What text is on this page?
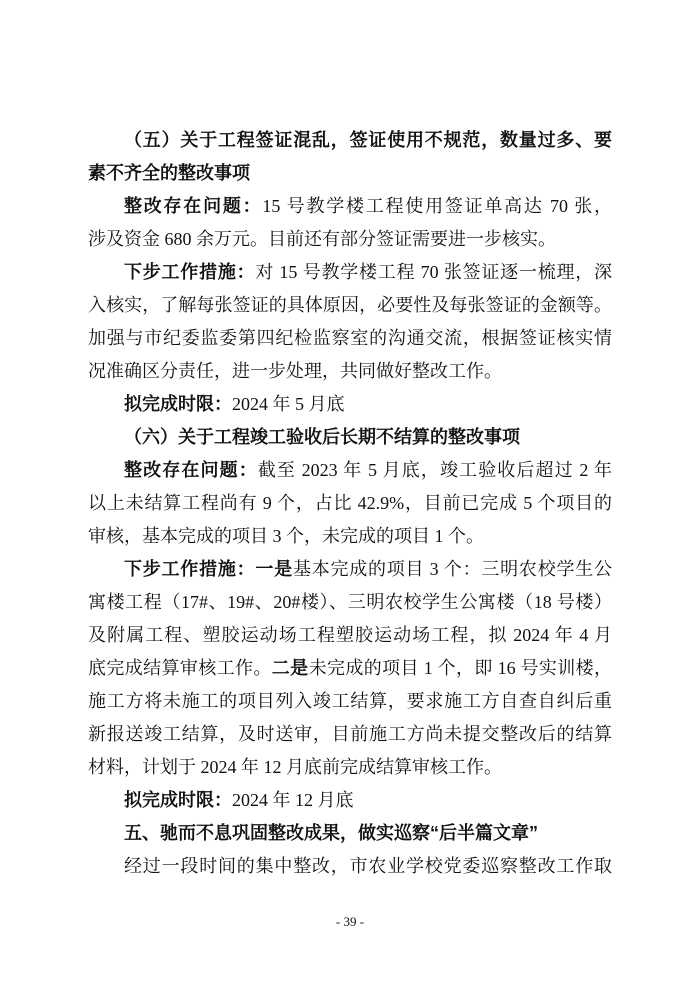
（五）关于工程签证混乱，签证使用不规范，数量过多、要
素不齐全的整改事项
整改存在问题：15 号教学楼工程使用签证单高达 70 张，
涉及资金 680 余万元。目前还有部分签证需要进一步核实。
下步工作措施：对 15 号教学楼工程 70 张签证逐一梳理，深
入核实，了解每张签证的具体原因，必要性及每张签证的金额等。
加强与市纪委监委第四纪检监察室的沟通交流，根据签证核实情
况准确区分责任，进一步处理，共同做好整改工作。
拟完成时限：2024 年 5 月底
（六）关于工程竣工验收后长期不结算的整改事项
整改存在问题：截至 2023 年 5 月底，竣工验收后超过 2 年
以上未结算工程尚有 9 个，占比 42.9%，目前已完成 5 个项目的
审核，基本完成的项目 3 个，未完成的项目 1 个。
下步工作措施：一是基本完成的项目 3 个：三明农校学生公
寓楼工程（17#、19#、20#楼）、三明农校学生公寓楼（18 号楼）
及附属工程、塑胶运动场工程塑胶运动场工程，拟 2024 年 4 月
底完成结算审核工作。二是未完成的项目 1 个，即 16 号实训楼，
施工方将未施工的项目列入竣工结算，要求施工方自查自纠后重
新报送竣工结算，及时送审，目前施工方尚未提交整改后的结算
材料，计划于 2024 年 12 月底前完成结算审核工作。
拟完成时限：2024 年 12 月底
五、驰而不息巩固整改成果，做实巡察“后半篇文章”
经过一段时间的集中整改，市农业学校党委巡察整改工作取
- 39 -
